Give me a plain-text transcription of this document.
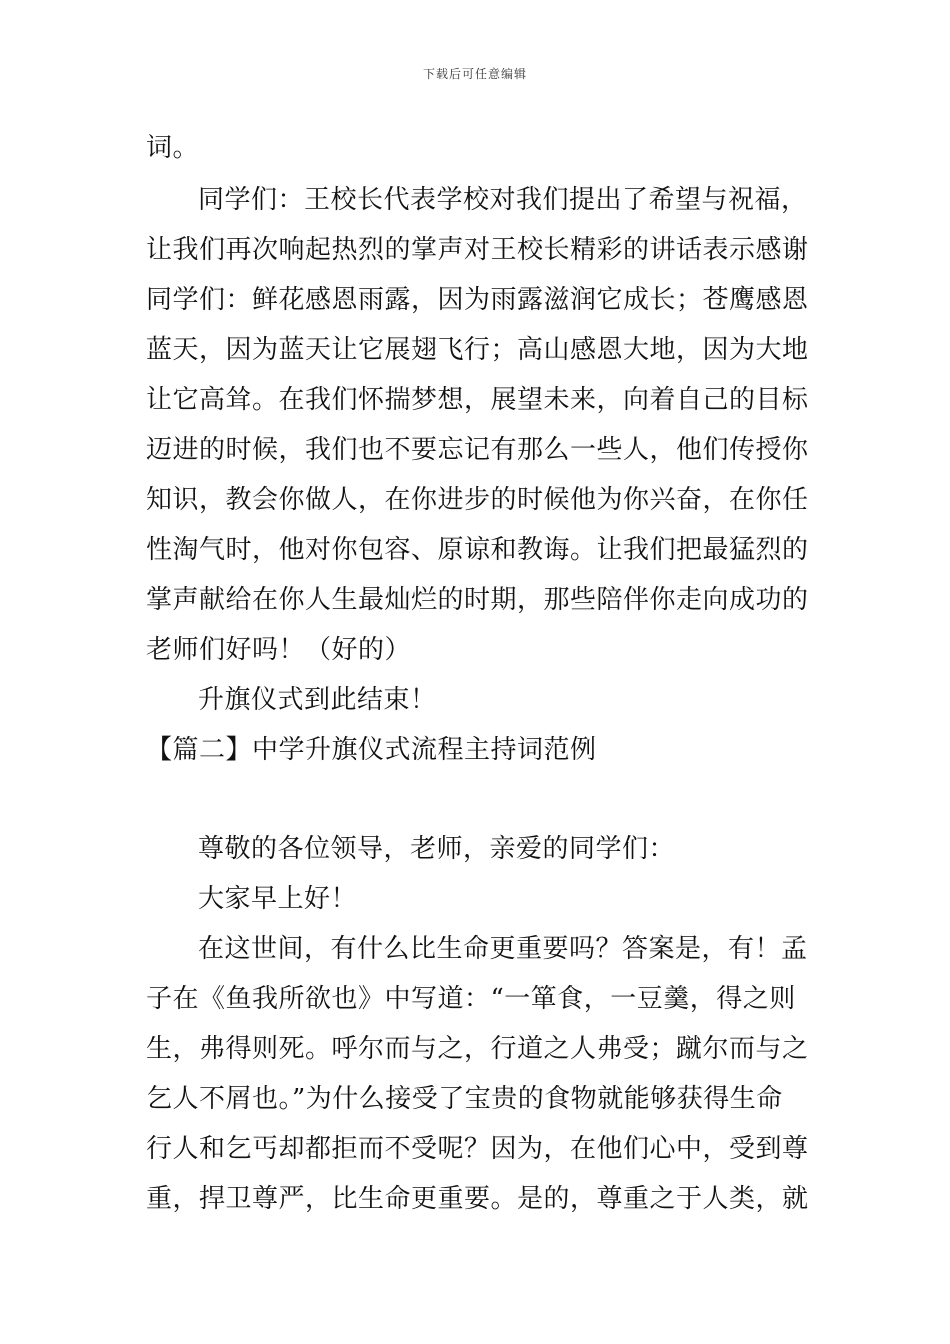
下载后可任意编辑
词。
同学们：王校长代表学校对我们提出了希望与祝福，
让我们再次响起热烈的掌声对王校长精彩的讲话表示感谢
同学们：鲜花感恩雨露，因为雨露滋润它成长；苍鹰感恩
蓝天，因为蓝天让它展翅飞行；高山感恩大地，因为大地
让它高耸。在我们怀揣梦想，展望未来，向着自己的目标
迈进的时候，我们也不要忘记有那么一些人，他们传授你
知识，教会你做人，在你进步的时候他为你兴奋，在你任
性淘气时，他对你包容、原谅和教诲。让我们把最猛烈的
掌声献给在你人生最灿烂的时期，那些陪伴你走向成功的
老师们好吗！（好的）
升旗仪式到此结束！
【篇二】中学升旗仪式流程主持词范例
尊敬的各位领导，老师，亲爱的同学们：
大家早上好！
在这世间，有什么比生命更重要吗？答案是，有！孟
子在《鱼我所欲也》中写道：“一箪食，一豆羹，得之则
生，弗得则死。呼尔而与之，行道之人弗受；蹴尔而与之
乞人不屑也。”为什么接受了宝贵的食物就能够获得生命
行人和乞丐却都拒而不受呢？因为，在他们心中，受到尊
重，捍卫尊严，比生命更重要。是的，尊重之于人类，就
